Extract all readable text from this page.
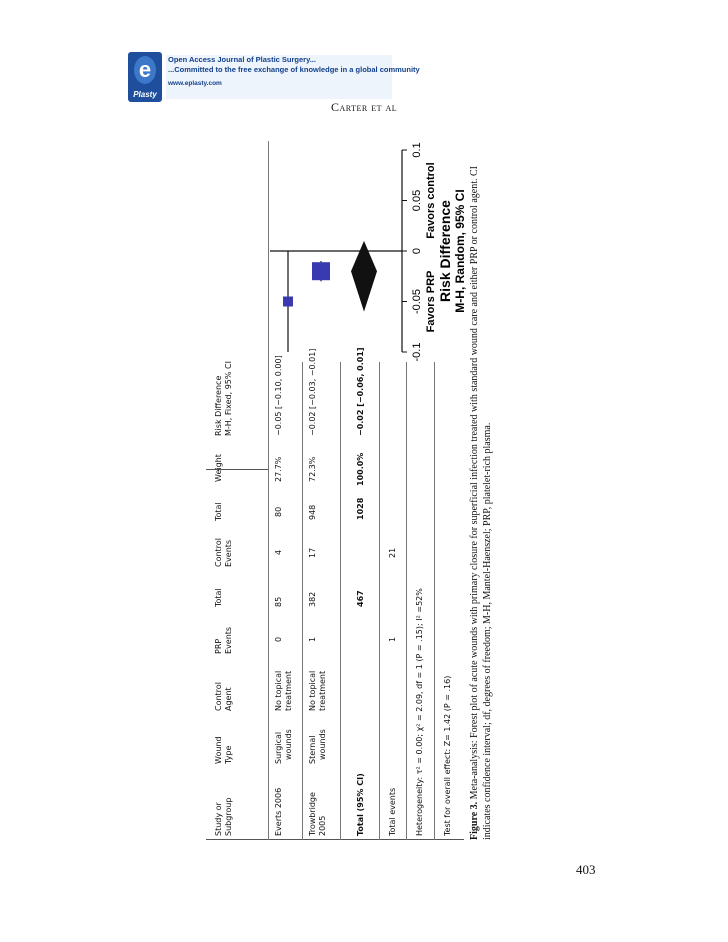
e
Plasty
Open Access Journal of Plastic Surgery...
...Committed to the free exchange of knowledge in a global community
www.eplasty.com
Carter et al
-0.1
-0.05
0
0.05
0.1
Favors PRP
Favors control Risk Difference M-H, Random, 95% CI
Study or Subgroup
Wound Type
Control Agent
PRP Events
Total
Control Events
Total
Weight
Risk Difference M-H, Fixed, 95% CI
Everts 2006
Surgical wounds
No topical treatment
0
85
4
80
27.7%
−0.05 [−0.10, 0.00]
Trowbridge 2005
Sternal wounds
No topical treatment
1
382
17
948
72.3%
−0.02 [−0.03, −0.01]
Total (95% CI)
467
1028
100.0%
−0.02 [−0.06, 0.01]
Total events
1
21
Heterogeneity: τ² = 0.00; χ² = 2.09, df = 1 (P = .15); I² =52% Test for overall effect: Z= 1.42 (P = .16) Figure 3. Meta-analysis: Forest plot of acute wounds with primary closure for superficial infection treated with standard wound care and either PRP or control agent. CI indicates confidence interval; df, degrees of freedom; M-H, Mantel-Haenszel; PRP, platelet-rich plasma.
403
